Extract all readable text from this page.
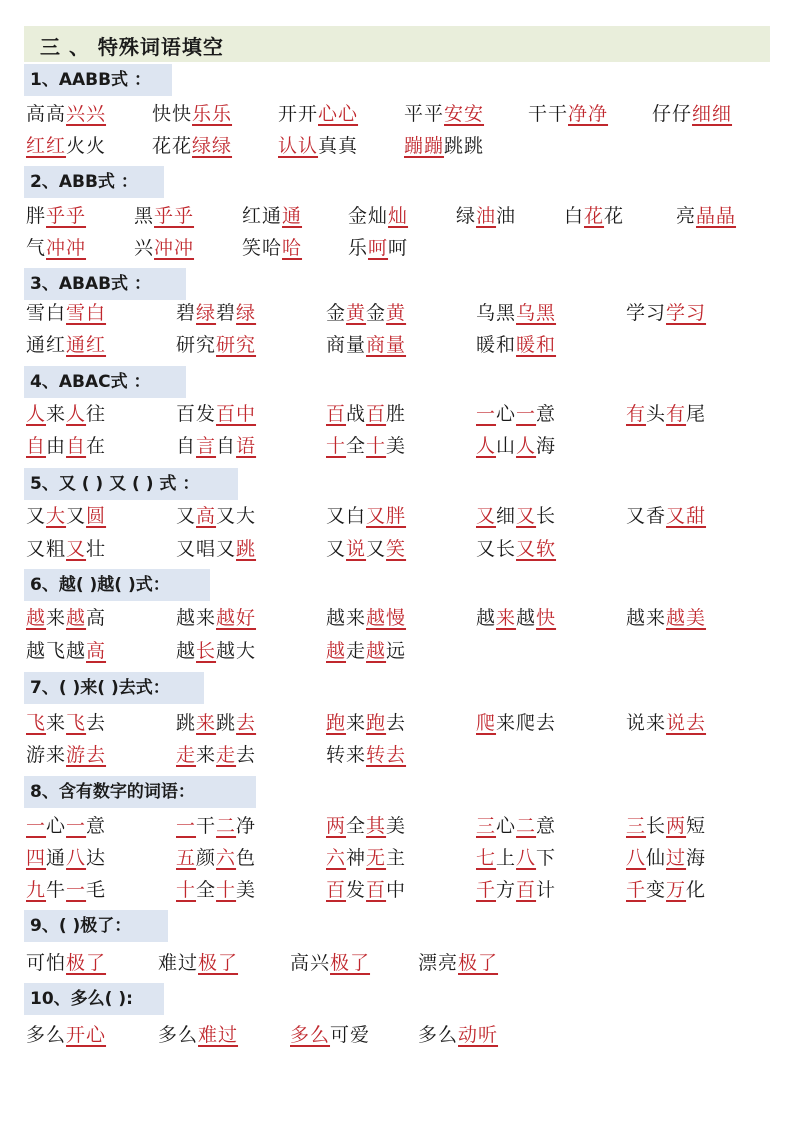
三 、 特殊词语填空
1、AABB式 ：
高高兴兴 快快乐乐 开开心心 平平安安 干干净净 仔仔细细
红红火火 花花绿绿 认认真真 蹦蹦跳跳
2、ABB式 ：
胖乎乎	黑乎乎	红通通 金灿灿	绿油油	白花花	亮晶晶
气冲冲	兴冲冲	笑哈哈 乐呵呵
3、ABAB式 ：
雪白雪白	碧绿碧绿	金黄金黄	乌黑乌黑	学习学习
通红通红	研究研究	商量商量	暖和暖和
4、ABAC式 ：
人来人往	百发百中	百战百胜	一心一意	有头有尾
自由自在	自言自语	十全十美	人山人海
5、又 ( ) 又 ( ) 式 ：
又大又圆	又高又大	又白又胖	又细又长	又香又甜
又粗又壮	又唱又跳	又说又笑	又长又软
6、越( )越( )式：
越来越高	越来越好	越来越慢	越来越快	越来越美
越飞越高	越长越大	越走越远
7、( )来( )去式：
飞来飞去	跳来跳去	跑来跑去	爬来爬去	说来说去
游来游去	走来走去	转来转去
8、含有数字的词语：
一心一意	一干二净	两全其美	三心二意	三长两短
四通八达	五颜六色	六神无主	七上八下	八仙过海
九牛一毛	十全十美	百发百中	千方百计	千变万化
9、( )极了：
可怕极了	难过极了	高兴极了	漂亮极了
10、多么( ):
多么开心	多么难过	多么可爱	多么动听
